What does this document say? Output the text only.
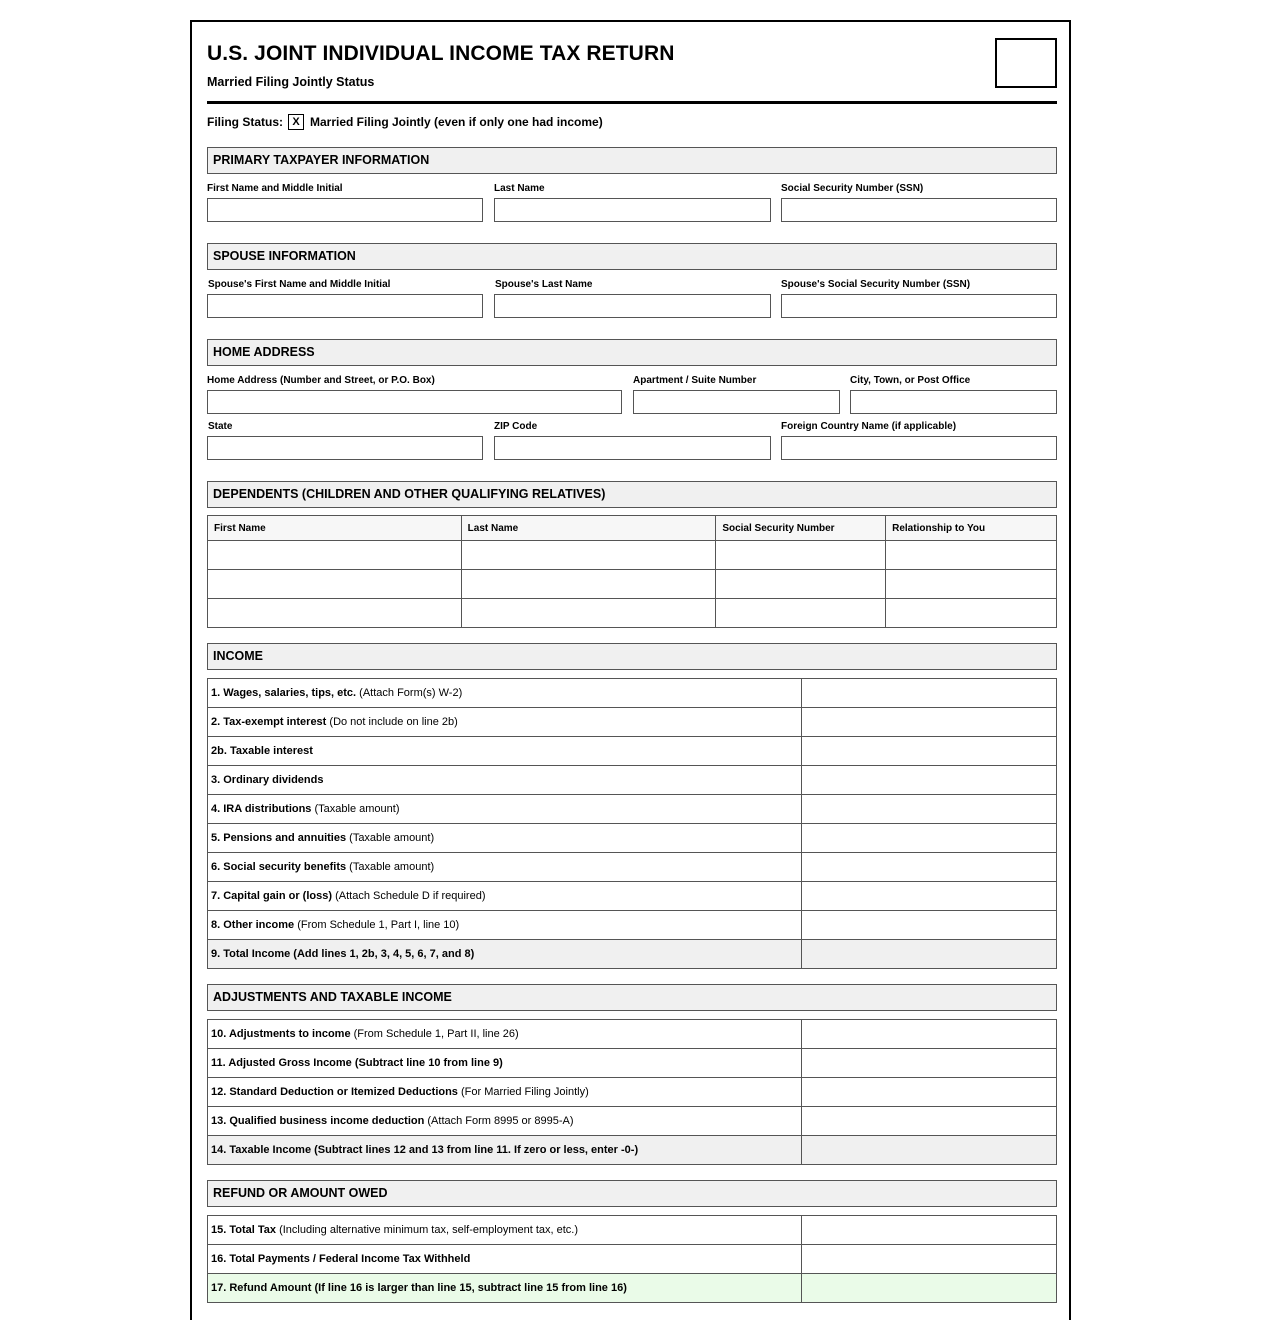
U.S. JOINT INDIVIDUAL INCOME TAX RETURN
Married Filing Jointly Status
Filing Status: X Married Filing Jointly (even if only one had income)
PRIMARY TAXPAYER INFORMATION
First Name and Middle Initial	Last Name	Social Security Number (SSN)
SPOUSE INFORMATION
Spouse's First Name and Middle Initial	Spouse's Last Name	Spouse's Social Security Number (SSN)
HOME ADDRESS
Home Address (Number and Street, or P.O. Box)	Apartment / Suite Number	City, Town, or Post Office
State	ZIP Code	Foreign Country Name (if applicable)
DEPENDENTS (CHILDREN AND OTHER QUALIFYING RELATIVES)
First Name	Last Name	Social Security Number	Relationship to You

INCOME
1. Wages, salaries, tips, etc. (Attach Form(s) W-2)	
2. Tax-exempt interest (Do not include on line 2b)	
2b. Taxable interest	
3. Ordinary dividends	
4. IRA distributions (Taxable amount)	
5. Pensions and annuities (Taxable amount)	
6. Social security benefits (Taxable amount)	
7. Capital gain or (loss) (Attach Schedule D if required)	
8. Other income (From Schedule 1, Part I, line 10)	
9. Total Income (Add lines 1, 2b, 3, 4, 5, 6, 7, and 8)	
ADJUSTMENTS AND TAXABLE INCOME
10. Adjustments to income (From Schedule 1, Part II, line 26)	
11. Adjusted Gross Income (Subtract line 10 from line 9)	
12. Standard Deduction or Itemized Deductions (For Married Filing Jointly)	
13. Qualified business income deduction (Attach Form 8995 or 8995-A)	
14. Taxable Income (Subtract lines 12 and 13 from line 11. If zero or less, enter -0-)	
REFUND OR AMOUNT OWED
15. Total Tax (Including alternative minimum tax, self-employment tax, etc.)	
16. Total Payments / Federal Income Tax Withheld	
17. Refund Amount (If line 16 is larger than line 15, subtract line 15 from line 16)	
